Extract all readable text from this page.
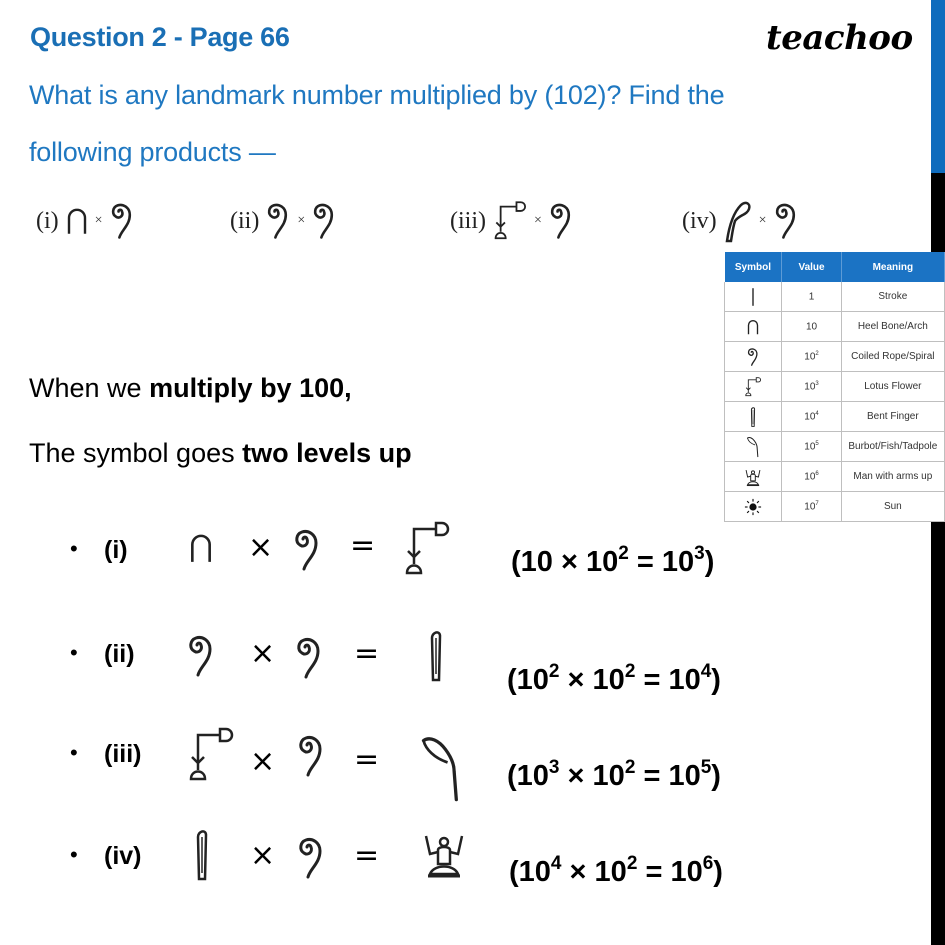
Question 2 - Page 66	teachoo
What is any landmark number multiplied by (102)? Find the
following products —
(i)	×	(ii)	×	(iii)	×	(iv)	×
Symbol	Value	Meaning
	1	Stroke
	10	Heel Bone/Arch
	$10^2$	Coiled Rope/Spiral
	$10^3$	Lotus Flower
	$10^4$	Bent Finger
	$10^5$	Burbot/Fish/Tadpole
	$10^6$	Man with arms up
	$10^7$	Sun
When we multiply by 100,
The symbol goes two levels up
• (i)	×	=	$(10 \times 10^2 = 10^3)$
• (ii)	×	=
$(10^2 \times 10^2 = 10^4)$
• (iii)	×	=	$(10^3 \times 10^2 = 10^5)$
• (iv)	×	=	$(10^4 \times 10^2 = 10^6)$
